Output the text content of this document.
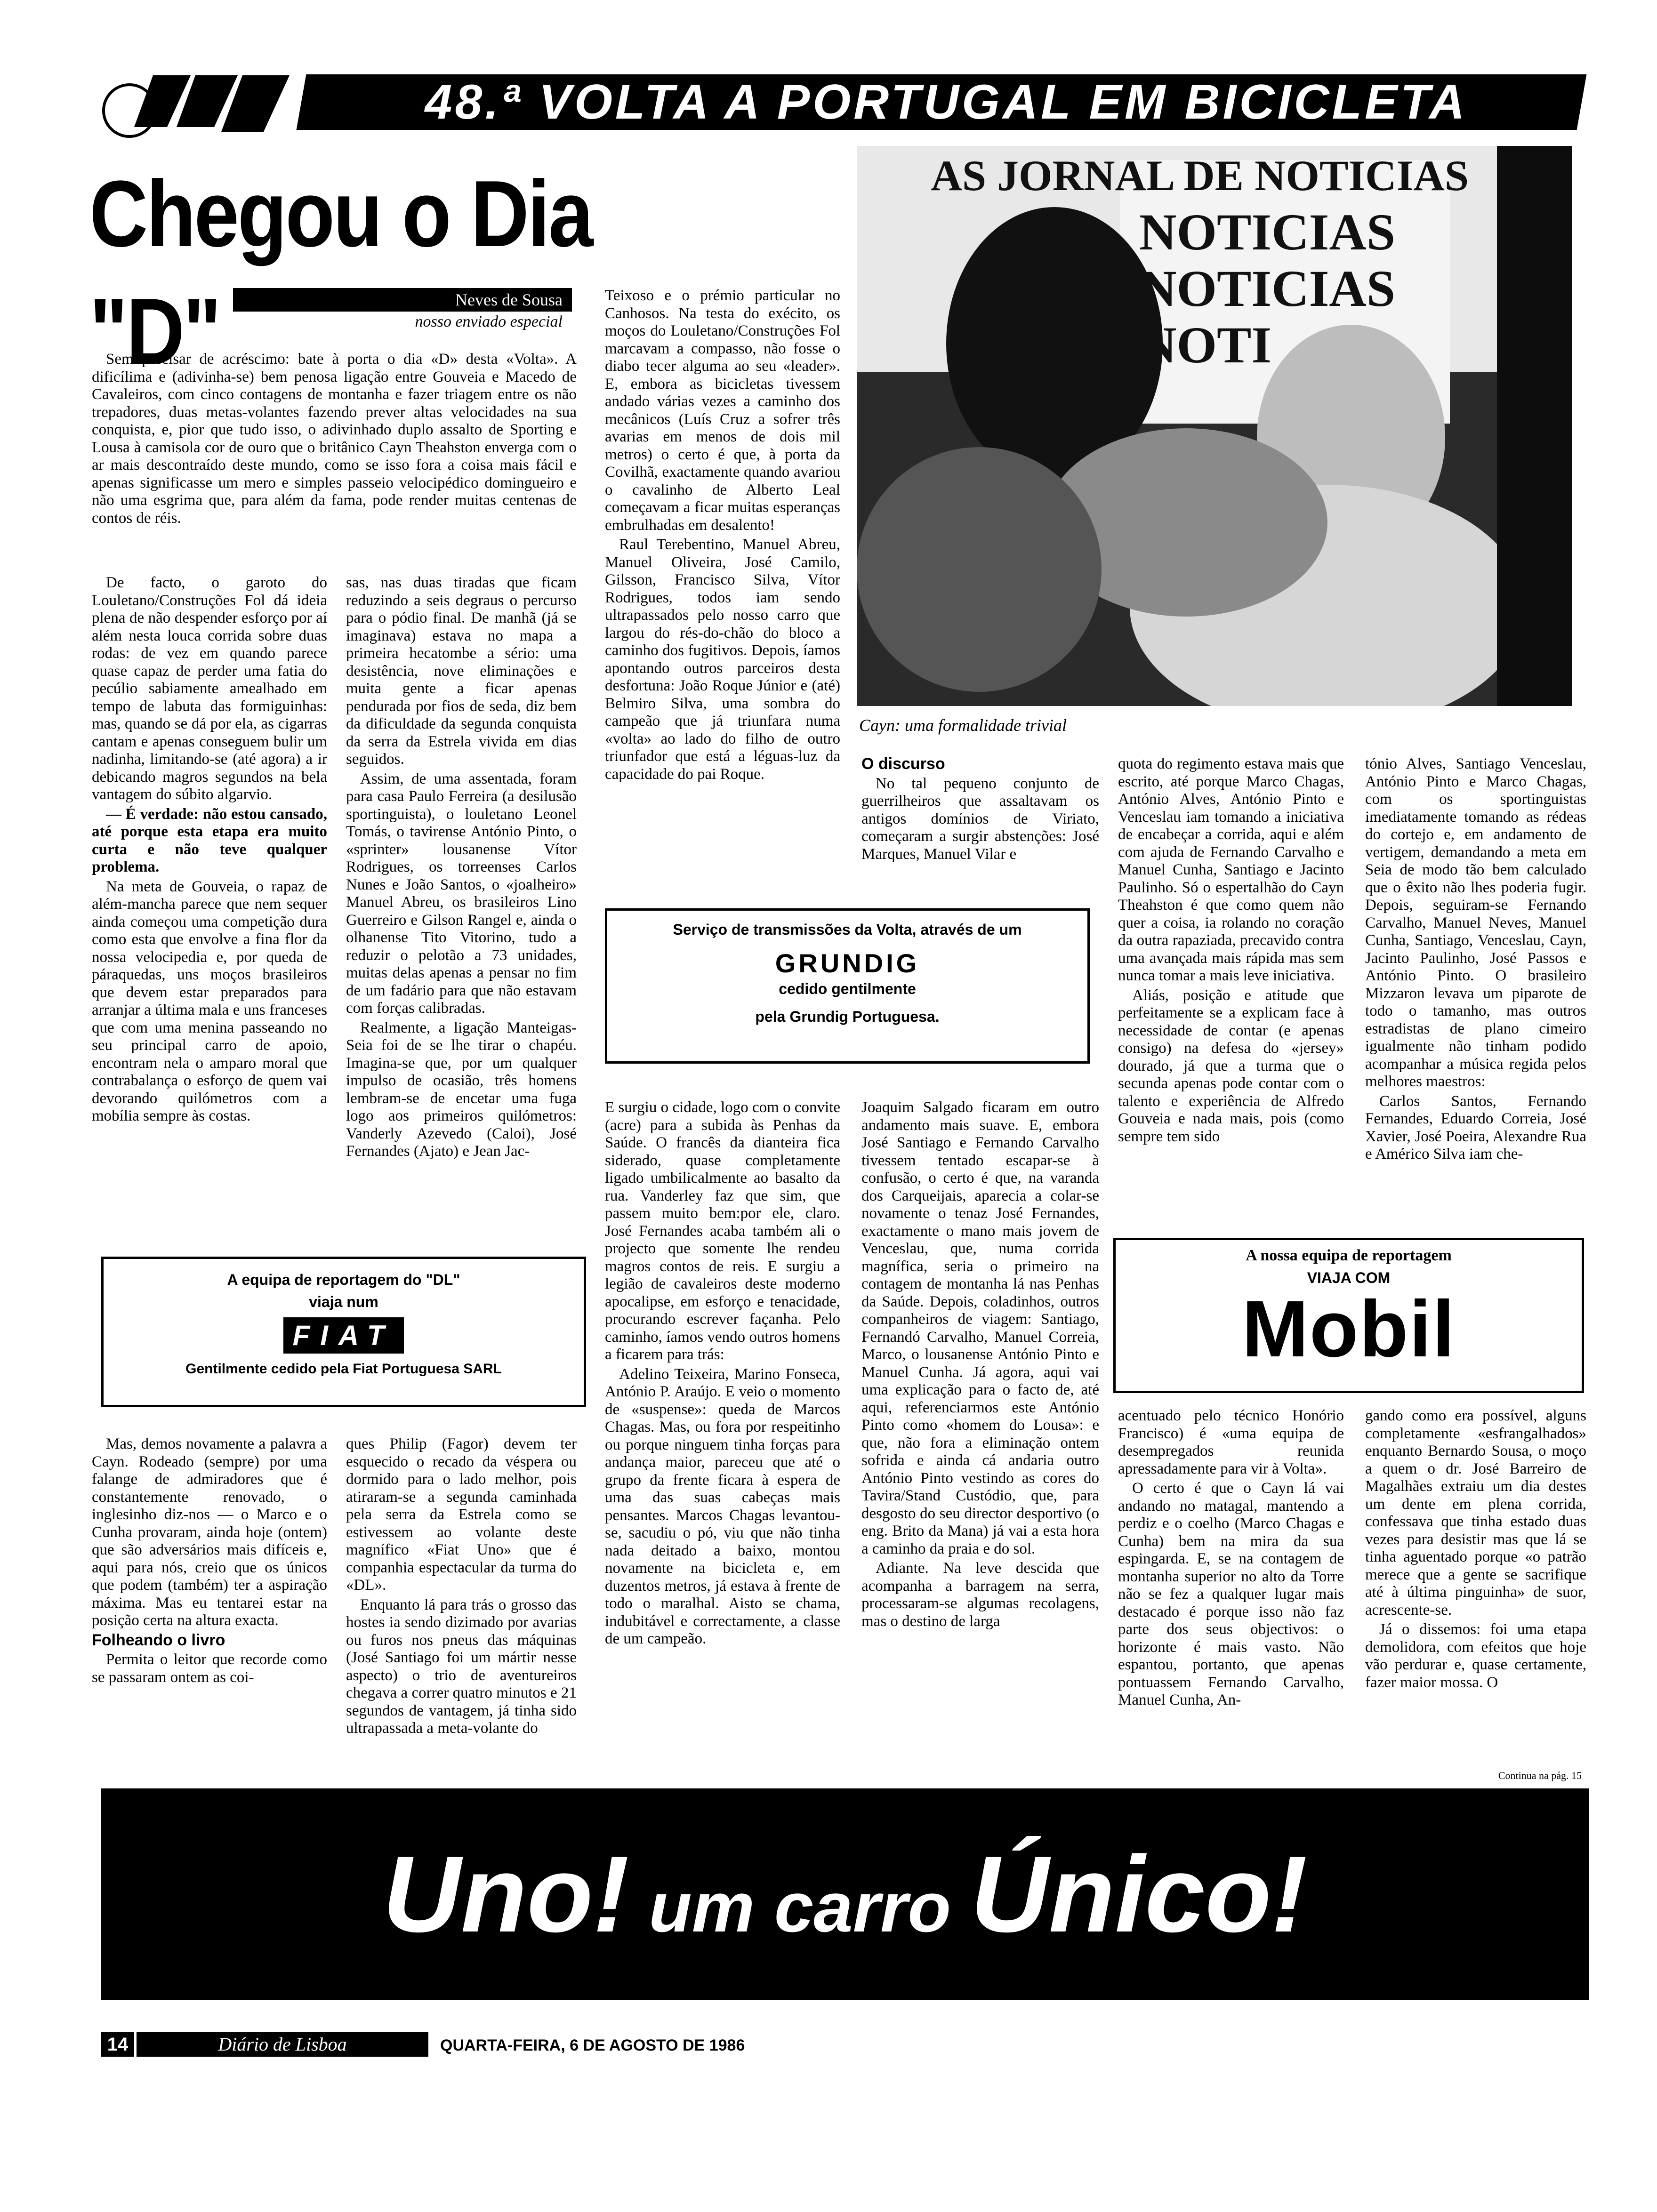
48.ª VOLTA A PORTUGAL EM BICICLETA
Chegou o Dia "D"	Neves de Sousa
nosso enviado especial

Sem precisar de acréscimo: bate à porta o dia «D» desta «Volta». A dificílima e (adivinha-se) bem penosa ligação entre Gouveia e Macedo de Cavaleiros, com cinco contagens de montanha e fazer triagem entre os não trepadores, duas metas-volantes fazendo prever altas velocidades na sua conquista, e, pior que tudo isso, o adivinhado duplo assalto de Sporting e Lousa à camisola cor de ouro que o britânico Cayn Theahston enverga com o ar mais descontraído deste mundo, como se isso fora a coisa mais fácil e apenas significasse um mero e simples passeio velocipédico domingueiro e não uma esgrima que, para além da fama, pode render muitas centenas de contos de réis.

De facto, o garoto do Louletano/Construções Fol dá ideia plena de não despender esforço por aí além nesta louca corrida sobre duas rodas: de vez em quando parece quase capaz de perder uma fatia do pecúlio sabiamente amealhado em tempo de labuta das formiguinhas: mas, quando se dá por ela, as cigarras cantam e apenas conseguem bulir um nadinha, limitando-se (até agora) a ir debicando magros segundos na bela vantagem do súbito algarvio.

— É verdade: não estou cansado, até porque esta etapa era muito curta e não teve qualquer problema.

Na meta de Gouveia, o rapaz de além-mancha parece que nem sequer ainda começou uma competição dura como esta que envolve a fina flor da nossa velocipedia e, por queda de páraquedas, uns moços brasileiros que devem estar preparados para arranjar a última mala e uns franceses que com uma menina passeando no seu principal carro de apoio, encontram nela o amparo moral que contrabalança o esforço de quem vai devorando quilómetros com a mobília sempre às costas.

sas, nas duas tiradas que ficam reduzindo a seis degraus o percurso para o pódio final. De manhã (já se imaginava) estava no mapa a primeira hecatombe a sério: uma desistência, nove eliminações e muita gente a ficar apenas pendurada por fios de seda, diz bem da dificuldade da segunda conquista da serra da Estrela vivida em dias seguidos.

Assim, de uma assentada, foram para casa Paulo Ferreira (a desilusão sportinguista), o louletano Leonel Tomás, o tavirense António Pinto, o «sprinter» lousanense Vítor Rodrigues, os torreenses Carlos Nunes e João Santos, o «joalheiro» Manuel Abreu, os brasileiros Lino Guerreiro e Gilson Rangel e, ainda o olhanense Tito Vitorino, tudo a reduzir o pelotão a 73 unidades, muitas delas apenas a pensar no fim de um fadário para que não estavam com forças calibradas.

Realmente, a ligação Manteigas-Seia foi de se lhe tirar o chapéu. Imagina-se que, por um qualquer impulso de ocasião, três homens lembram-se de encetar uma fuga logo aos primeiros quilómetros: Vanderly Azevedo (Caloi), José Fernandes (Ajato) e Jean Jac-

Teixoso e o prémio particular no Canhosos. Na testa do exécito, os moços do Louletano/Construções Fol marcavam a compasso, não fosse o diabo tecer alguma ao seu «leader». E, embora as bicicletas tivessem andado várias vezes a caminho dos mecânicos (Luís Cruz a sofrer três avarias em menos de dois mil metros) o certo é que, à porta da Covilhã, exactamente quando avariou o cavalinho de Alberto Leal começavam a ficar muitas esperanças embrulhadas em desalento!

Raul Terebentino, Manuel Abreu, Manuel Oliveira, José Camilo, Gilsson, Francisco Silva, Vítor Rodrigues, todos iam sendo ultrapassados pelo nosso carro que largou do rés-do-chão do bloco a caminho dos fugitivos. Depois, íamos apontando outros parceiros desta desfortuna: João Roque Júnior e (até) Belmiro Silva, uma sombra do campeão que já triunfara numa «volta» ao lado do filho de outro triunfador que está a léguas-luz da capacidade do pai Roque.

AS JORNAL DE NOTICIAS
NOTICIAS
NOTICIAS
NOTI
Cayn: uma formalidade trivial

O discurso

No tal pequeno conjunto de guerrilheiros que assaltavam os antigos domínios de Viriato, começaram a surgir abstenções: José Marques, Manuel Vilar e

quota do regimento estava mais que escrito, até porque Marco Chagas, António Alves, António Pinto e Venceslau iam tomando a iniciativa de encabeçar a corrida, aqui e além com ajuda de Fernando Carvalho e Manuel Cunha, Santiago e Jacinto Paulinho. Só o espertalhão do Cayn Theahston é que como quem não quer a coisa, ia rolando no coração da outra rapaziada, precavido contra uma avançada mais rápida mas sem nunca tomar a mais leve iniciativa.

Aliás, posição e atitude que perfeitamente se a explicam face à necessidade de contar (e apenas consigo) na defesa do «jersey» dourado, já que a turma que o secunda apenas pode contar com o talento e experiência de Alfredo Gouveia e nada mais, pois (como sempre tem sido

tónio Alves, Santiago Venceslau, António Pinto e Marco Chagas, com os sportinguistas imediatamente tomando as rédeas do cortejo e, em andamento de vertigem, demandando a meta em Seia de modo tão bem calculado que o êxito não lhes poderia fugir. Depois, seguiram-se Fernando Carvalho, Manuel Neves, Manuel Cunha, Santiago, Venceslau, Cayn, Jacinto Paulinho, José Passos e António Pinto. O brasileiro Mizzaron levava um piparote de todo o tamanho, mas outros estradistas de plano cimeiro igualmente não tinham podido acompanhar a música regida pelos melhores maestros:

Carlos Santos, Fernando Fernandes, Eduardo Correia, José Xavier, José Poeira, Alexandre Rua e Américo Silva iam che-

Serviço de transmissões da Volta, através de um
GRUNDIG
cedido gentilmente
pela Grundig Portuguesa.

E surgiu o cidade, logo com o convite (acre) para a subida às Penhas da Saúde. O francês da dianteira fica siderado, quase completamente ligado umbilicalmente ao basalto da rua. Vanderley faz que sim, que passem muito bem:por ele, claro. José Fernandes acaba também ali o projecto que somente lhe rendeu magros contos de reis. E surgiu a legião de cavaleiros deste moderno apocalipse, em esforço e tenacidade, procurando escrever façanha. Pelo caminho, íamos vendo outros homens a ficarem para trás:

Adelino Teixeira, Marino Fonseca, António P. Araújo. E veio o momento de «suspense»: queda de Marcos Chagas. Mas, ou fora por respeitinho ou porque ninguem tinha forças para andança maior, pareceu que até o grupo da frente ficara à espera de uma das suas cabeças mais pensantes. Marcos Chagas levantou-se, sacudiu o pó, viu que não tinha nada deitado a baixo, montou novamente na bicicleta e, em duzentos metros, já estava à frente de todo o maralhal. Aisto se chama, indubitável e correctamente, a classe de um campeão.

Joaquim Salgado ficaram em outro andamento mais suave. E, embora José Santiago e Fernando Carvalho tivessem tentado escapar-se à confusão, o certo é que, na varanda dos Carqueijais, aparecia a colar-se novamente o tenaz José Fernandes, exactamente o mano mais jovem de Venceslau, que, numa corrida magnífica, seria o primeiro na contagem de montanha lá nas Penhas da Saúde. Depois, coladinhos, outros companheiros de viagem: Santiago, Fernandó Carvalho, Manuel Correia, Marco, o lousanense António Pinto e Manuel Cunha. Já agora, aqui vai uma explicação para o facto de, até aqui, referenciarmos este António Pinto como «homem do Lousa»: e que, não fora a eliminação ontem sofrida e ainda cá andaria outro António Pinto vestindo as cores do Tavira/Stand Custódio, que, para desgosto do seu director desportivo (o eng. Brito da Mana) já vai a esta hora a caminho da praia e do sol.

Adiante. Na leve descida que acompanha a barragem na serra, processaram-se algumas recolagens, mas o destino de larga

A equipa de reportagem do "DL"
viaja num
FIAT
Gentilmente cedido pela Fiat Portuguesa SARL
A nossa equipa de reportagem
VIAJA COM
Mobil

Mas, demos novamente a palavra a Cayn. Rodeado (sempre) por uma falange de admiradores que é constantemente renovado, o inglesinho diz-nos — o Marco e o Cunha provaram, ainda hoje (ontem) que são adversários mais difíceis e, aqui para nós, creio que os únicos que podem (também) ter a aspiração máxima. Mas eu tentarei estar na posição certa na altura exacta.

Folheando o livro

Permita o leitor que recorde como se passaram ontem as coi-

ques Philip (Fagor) devem ter esquecido o recado da véspera ou dormido para o lado melhor, pois atiraram-se a segunda caminhada pela serra da Estrela como se estivessem ao volante deste magnífico «Fiat Uno» que é companhia espectacular da turma do «DL».

Enquanto lá para trás o grosso das hostes ia sendo dizimado por avarias ou furos nos pneus das máquinas (José Santiago foi um mártir nesse aspecto) o trio de aventureiros chegava a correr quatro minutos e 21 segundos de vantagem, já tinha sido ultrapassada a meta-volante do

acentuado pelo técnico Honório Francisco) é «uma equipa de desempregados reunida apressadamente para vir à Volta».

O certo é que o Cayn lá vai andando no matagal, mantendo a perdiz e o coelho (Marco Chagas e Cunha) bem na mira da sua espingarda. E, se na contagem de montanha superior no alto da Torre não se fez a qualquer lugar mais destacado é porque isso não faz parte dos seus objectivos: o horizonte é mais vasto. Não espantou, portanto, que apenas pontuassem Fernando Carvalho, Manuel Cunha, An-

gando como era possível, alguns completamente «esfrangalhados» enquanto Bernardo Sousa, o moço a quem o dr. José Barreiro de Magalhães extraiu um dia destes um dente em plena corrida, confessava que tinha estado duas vezes para desistir mas que lá se tinha aguentado porque «o patrão merece que a gente se sacrifique até à última pinguinha» de suor, acrescente-se.

Já o dissemos: foi uma etapa demolidora, com efeitos que hoje vão perdurar e, quase certamente, fazer maior mossa. O

Continua na pág. 15
Uno! um carro Único!
14	Diário de Lisboa	QUARTA-FEIRA, 6 DE AGOSTO DE 1986
